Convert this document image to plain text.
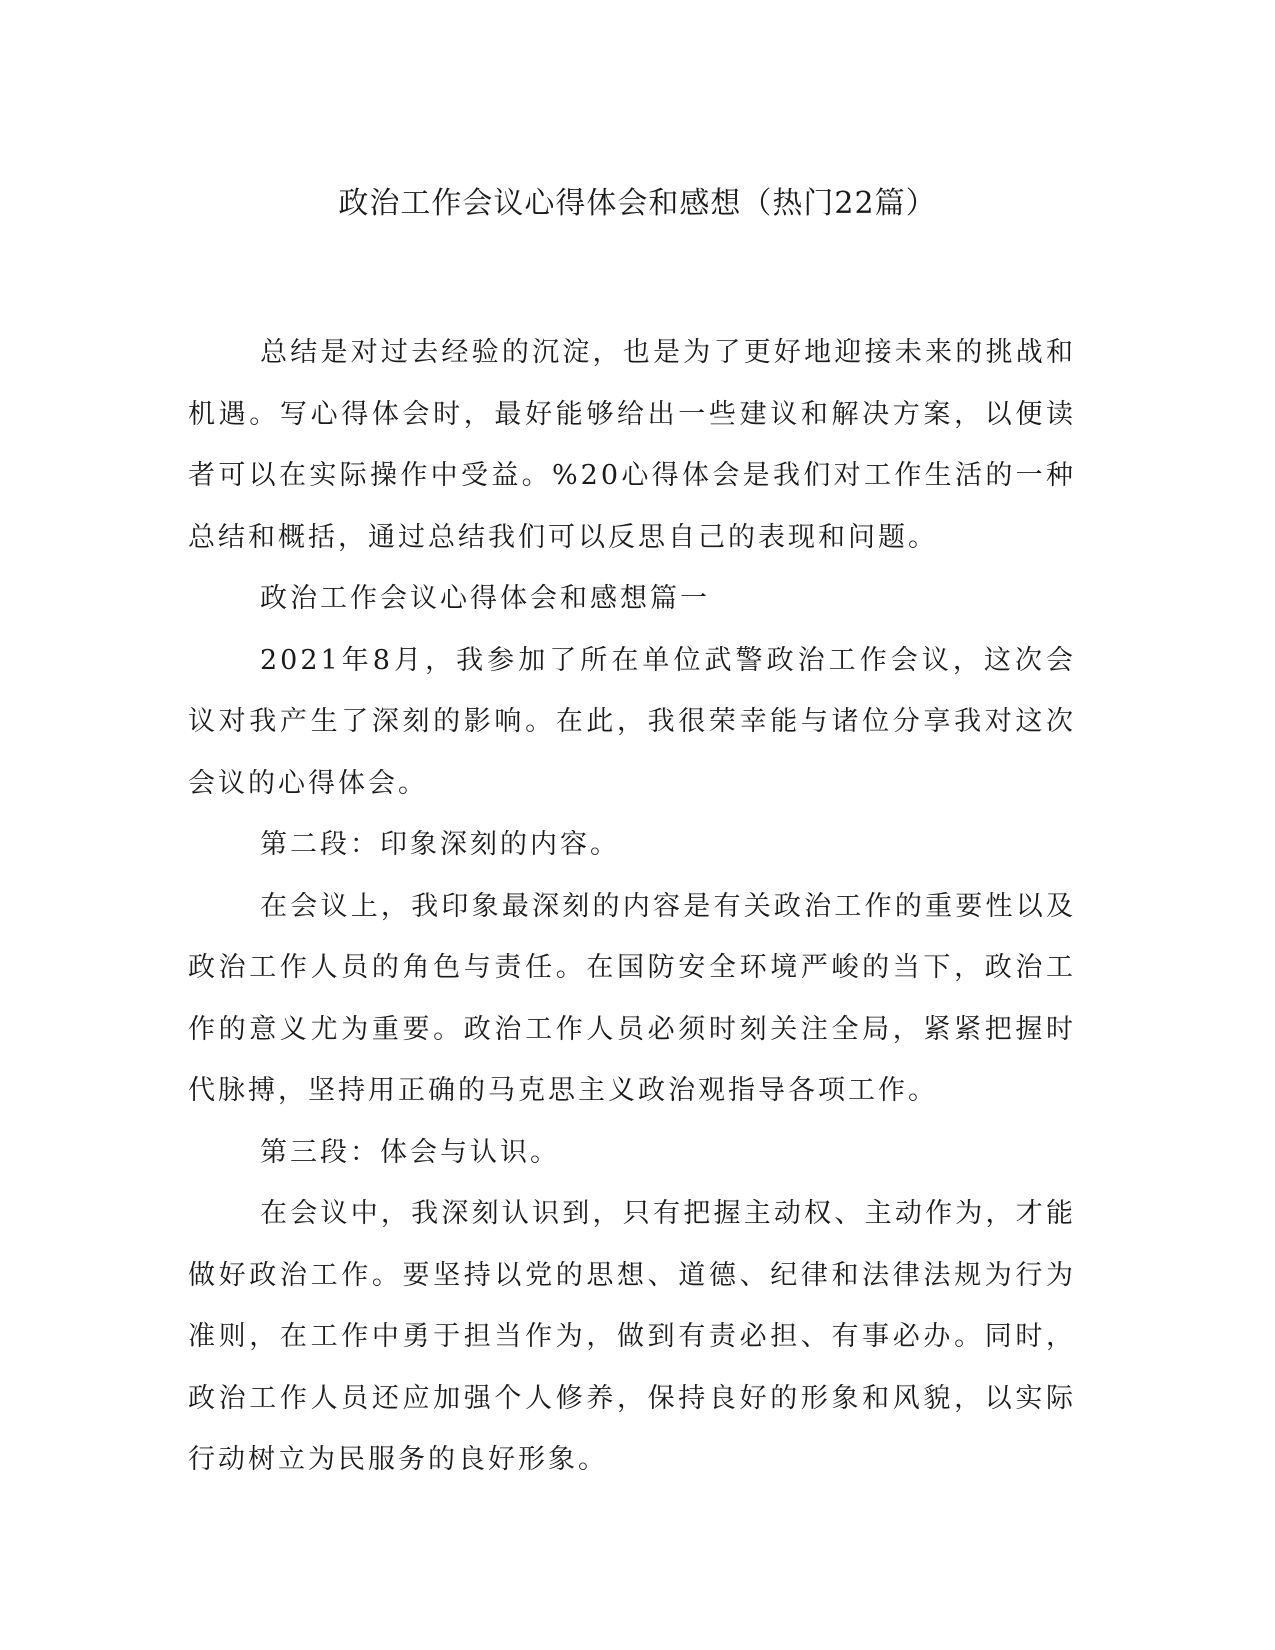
政治工作会议心得体会和感想（热门22篇）

总结是对过去经验的沉淀，也是为了更好地迎接未来的挑战和机遇。写心得体会时，最好能够给出一些建议和解决方案，以便读者可以在实际操作中受益。%20心得体会是我们对工作生活的一种总结和概括，通过总结我们可以反思自己的表现和问题。

政治工作会议心得体会和感想篇一

2021年8月，我参加了所在单位武警政治工作会议，这次会议对我产生了深刻的影响。在此，我很荣幸能与诸位分享我对这次会议的心得体会。

第二段：印象深刻的内容。

在会议上，我印象最深刻的内容是有关政治工作的重要性以及政治工作人员的角色与责任。在国防安全环境严峻的当下，政治工作的意义尤为重要。政治工作人员必须时刻关注全局，紧紧把握时代脉搏，坚持用正确的马克思主义政治观指导各项工作。

第三段：体会与认识。

在会议中，我深刻认识到，只有把握主动权、主动作为，才能做好政治工作。要坚持以党的思想、道德、纪律和法律法规为行为准则，在工作中勇于担当作为，做到有责必担、有事必办。同时，政治工作人员还应加强个人修养，保持良好的形象和风貌，以实际行动树立为民服务的良好形象。
